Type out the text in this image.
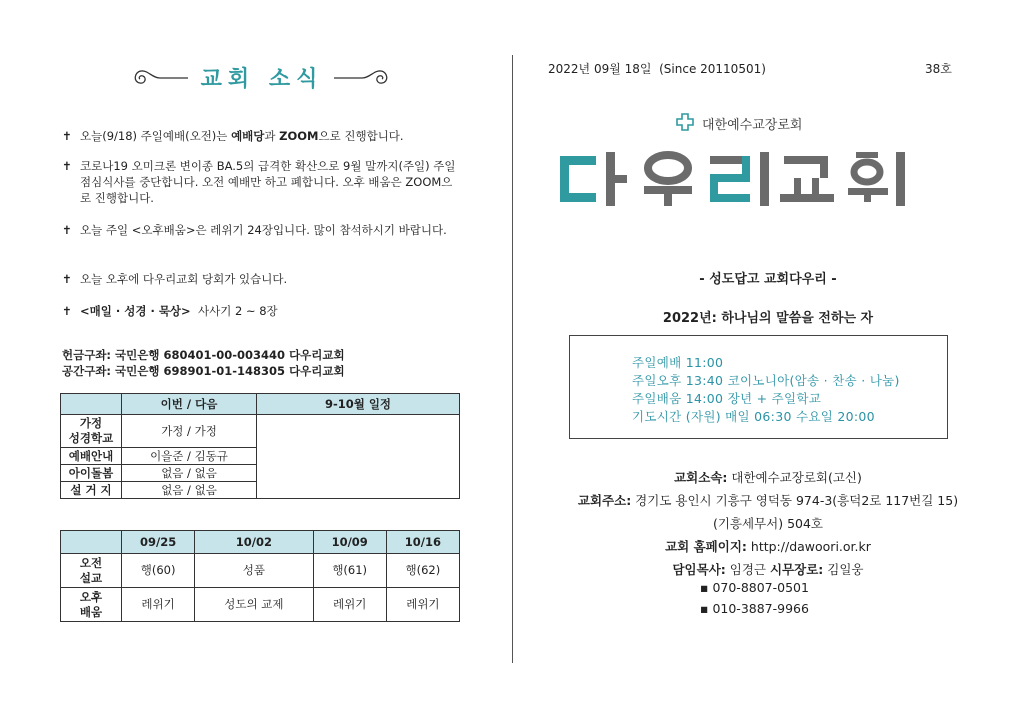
교회 소식
✝ 오늘(9/18) 주일예배(오전)는 예배당과 ZOOM으로 진행합니다.
✝ 코로나19 오미크론 변이종 BA.5의 급격한 확산으로 9월 말까지(주일) 주일 점심식사를 중단합니다. 오전 예배만 하고 폐합니다. 오후 배움은 ZOOM으로 진행합니다.
✝ 오늘 주일 <오후배움>은 레위기 24장입니다. 많이 참석하시기 바랍니다.
✝ 오늘 오후에 다우리교회 당회가 있습니다.
✝ <매일 · 성경 · 묵상>  사사기 2 ~ 8장
헌금구좌: 국민은행 680401-00-003440 다우리교회
공간구좌: 국민은행 698901-01-148305 다우리교회
	이번 / 다음	9-10월 일정
가정
성경학교	가정 / 가정	
예배안내	이을준 / 김동규	
아이돌봄	없음 / 없음	
설 거 지	없음 / 없음	
	09/25	10/02	10/09	10/16
오전
설교	행(60)	성품	행(61)	행(62)
오후
배움	레위기	성도의 교제	레위기	레위기
2022년 09월 18일  (Since 20110501)	38호
대한예수교장로회
- 성도답고 교회다우리 -
2022년: 하나님의 말씀을 전하는 자
주일예배 11:00
주일오후 13:40 코이노니아(암송 · 찬송 · 나눔)
주일배움 14:00 장년 + 주일학교
기도시간 (자원) 매일 06:30 수요일 20:00
교회소속: 대한예수교장로회(고신)
교회주소: 경기도 용인시 기흥구 영덕동 974-3(흥덕2로 117번길 15)
(기흥세무서) 504호
교회 홈페이지: http://dawoori.or.kr
담임목사: 임경근 시무장로: 김일웅
▪ 070-8807-0501
▪ 010-3887-9966
